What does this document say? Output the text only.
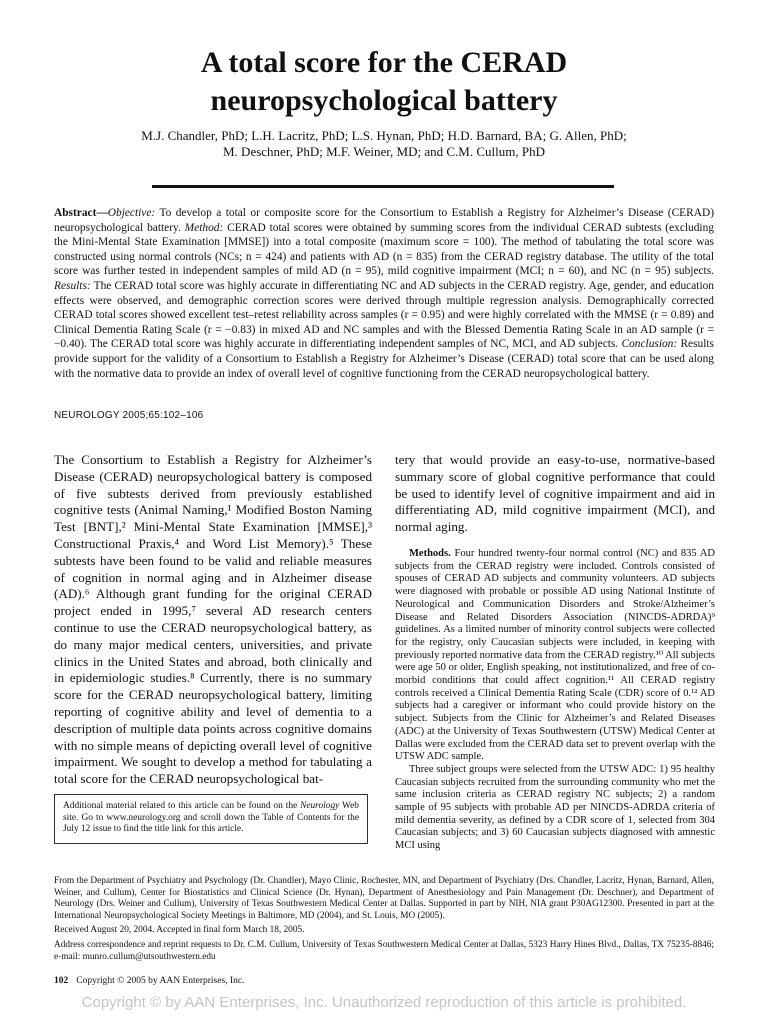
A total score for the CERAD
neuropsychological battery
M.J. Chandler, PhD; L.H. Lacritz, PhD; L.S. Hynan, PhD; H.D. Barnard, BA; G. Allen, PhD;
M. Deschner, PhD; M.F. Weiner, MD; and C.M. Cullum, PhD
Abstract—Objective: To develop a total or composite score for the Consortium to Establish a Registry for Alzheimer’s Disease (CERAD) neuropsychological battery. Method: CERAD total scores were obtained by summing scores from the individual CERAD subtests (excluding the Mini-Mental State Examination [MMSE]) into a total composite (maximum score = 100). The method of tabulating the total score was constructed using normal controls (NCs; n = 424) and patients with AD (n = 835) from the CERAD registry database. The utility of the total score was further tested in independent samples of mild AD (n = 95), mild cognitive impairment (MCI; n = 60), and NC (n = 95) subjects. Results: The CERAD total score was highly accurate in differentiating NC and AD subjects in the CERAD registry. Age, gender, and education effects were observed, and demographic correction scores were derived through multiple regression analysis. Demographically corrected CERAD total scores showed excellent test–retest reliability across samples (r = 0.95) and were highly correlated with the MMSE (r = 0.89) and Clinical Dementia Rating Scale (r = −0.83) in mixed AD and NC samples and with the Blessed Dementia Rating Scale in an AD sample (r = −0.40). The CERAD total score was highly accurate in differentiating independent samples of NC, MCI, and AD subjects. Conclusion: Results provide support for the validity of a Consortium to Establish a Registry for Alzheimer’s Disease (CERAD) total score that can be used along with the normative data to provide an index of overall level of cognitive functioning from the CERAD neuropsychological battery.
NEUROLOGY 2005;65:102–106
The Consortium to Establish a Registry for Alzheimer’s Disease (CERAD) neuropsychological battery is composed of five subtests derived from previously established cognitive tests (Animal Naming,¹ Modified Boston Naming Test [BNT],² Mini-Mental State Examination [MMSE],³ Constructional Praxis,⁴ and Word List Memory).⁵ These subtests have been found to be valid and reliable measures of cognition in normal aging and in Alzheimer disease (AD).⁶ Although grant funding for the original CERAD project ended in 1995,⁷ several AD research centers continue to use the CERAD neuropsychological battery, as do many major medical centers, universities, and private clinics in the United States and abroad, both clinically and in epidemiologic studies.⁸ Currently, there is no summary score for the CERAD neuropsychological battery, limiting reporting of cognitive ability and level of dementia to a description of multiple data points across cognitive domains with no simple means of depicting overall level of cognitive impairment. We sought to develop a method for tabulating a total score for the CERAD neuropsychological bat-

tery that would provide an easy-to-use, normative-based summary score of global cognitive performance that could be used to identify level of cognitive impairment and aid in differentiating AD, mild cognitive impairment (MCI), and normal aging.

Methods. Four hundred twenty-four normal control (NC) and 835 AD subjects from the CERAD registry were included. Controls consisted of spouses of CERAD AD subjects and community volunteers. AD subjects were diagnosed with probable or possible AD using National Institute of Neurological and Communication Disorders and Stroke/Alzheimer’s Disease and Related Disorders Association (NINCDS-ADRDA)⁹ guidelines. As a limited number of minority control subjects were collected for the registry, only Caucasian subjects were included, in keeping with previously reported normative data from the CERAD registry.¹⁰ All subjects were age 50 or older, English speaking, not institutionalized, and free of co-morbid conditions that could affect cognition.¹¹ All CERAD registry controls received a Clinical Dementia Rating Scale (CDR) score of 0.¹² AD subjects had a caregiver or informant who could provide history on the subject. Subjects from the Clinic for Alzheimer’s and Related Diseases (ADC) at the University of Texas Southwestern (UTSW) Medical Center at Dallas were excluded from the CERAD data set to prevent overlap with the UTSW ADC sample.

Three subject groups were selected from the UTSW ADC: 1) 95 healthy Caucasian subjects recruited from the surrounding community who met the same inclusion criteria as CERAD registry NC subjects; 2) a random sample of 95 subjects with probable AD per NINCDS-ADRDA criteria of mild dementia severity, as defined by a CDR score of 1, selected from 304 Caucasian subjects; and 3) 60 Caucasian subjects diagnosed with amnestic MCI using

Additional material related to this article can be found on the Neurology Web site. Go to www.neurology.org and scroll down the Table of Contents for the July 12 issue to find the title link for this article.

From the Department of Psychiatry and Psychology (Dr. Chandler), Mayo Clinic, Rochester, MN, and Department of Psychiatry (Drs. Chandler, Lacritz, Hynan, Barnard, Allen, Weiner, and Cullum), Center for Biostatistics and Clinical Science (Dr. Hynan), Department of Anesthesiology and Pain Management (Dr. Deschner), and Department of Neurology (Drs. Weiner and Cullum), University of Texas Southwestern Medical Center at Dallas. Supported in part by NIH, NIA grant P30AG12300. Presented in part at the International Neuropsychological Society Meetings in Baltimore, MD (2004), and St. Louis, MO (2005).

Received August 20, 2004. Accepted in final form March 18, 2005.

Address correspondence and reprint requests to Dr. C.M. Cullum, University of Texas Southwestern Medical Center at Dallas, 5323 Harry Hines Blvd., Dallas, TX 75235-8846; e-mail: munro.cullum@utsouthwestern.edu

102 Copyright © 2005 by AAN Enterprises, Inc.
Copyright © by AAN Enterprises, Inc. Unauthorized reproduction of this article is prohibited.
